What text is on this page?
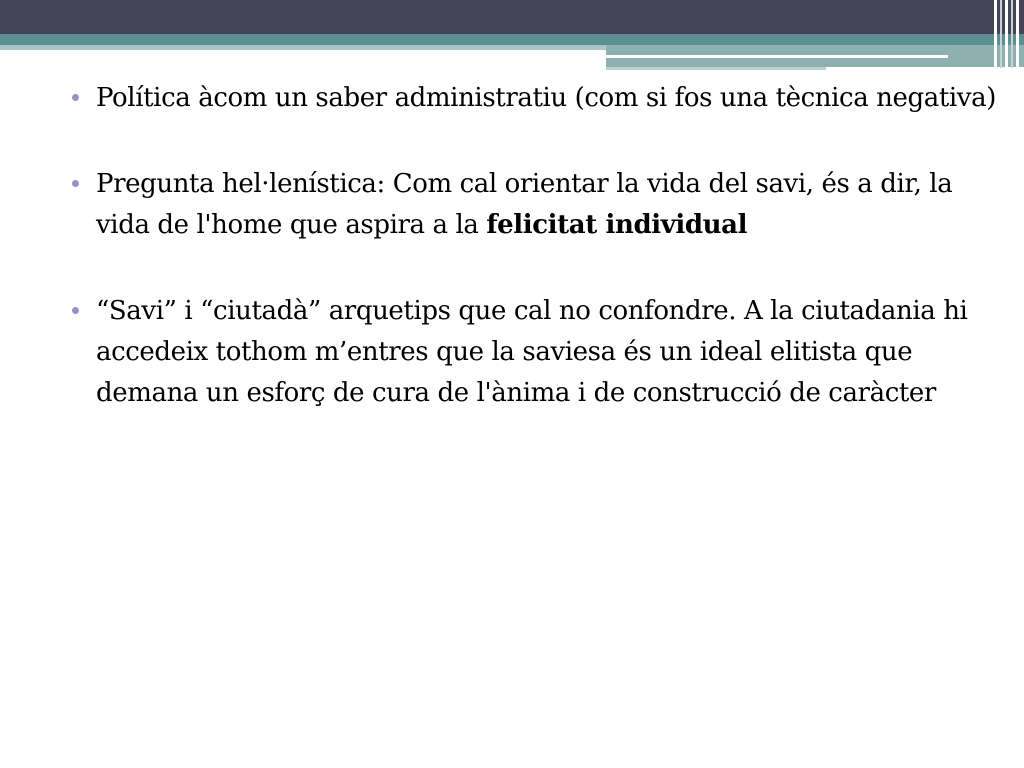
Política àcom un saber administratiu (com si fos una tècnica negativa)
Pregunta hel·lenística: Com cal orientar la vida del savi, és a dir, la vida de l'home que aspira a la felicitat individual
“Savi” i “ciutadà” arquetips que cal no confondre. A la ciutadania hi accedeix tothom m’entres que la saviesa és un ideal elitista que demana un esforç de cura de l'ànima i de construcció de caràcter
